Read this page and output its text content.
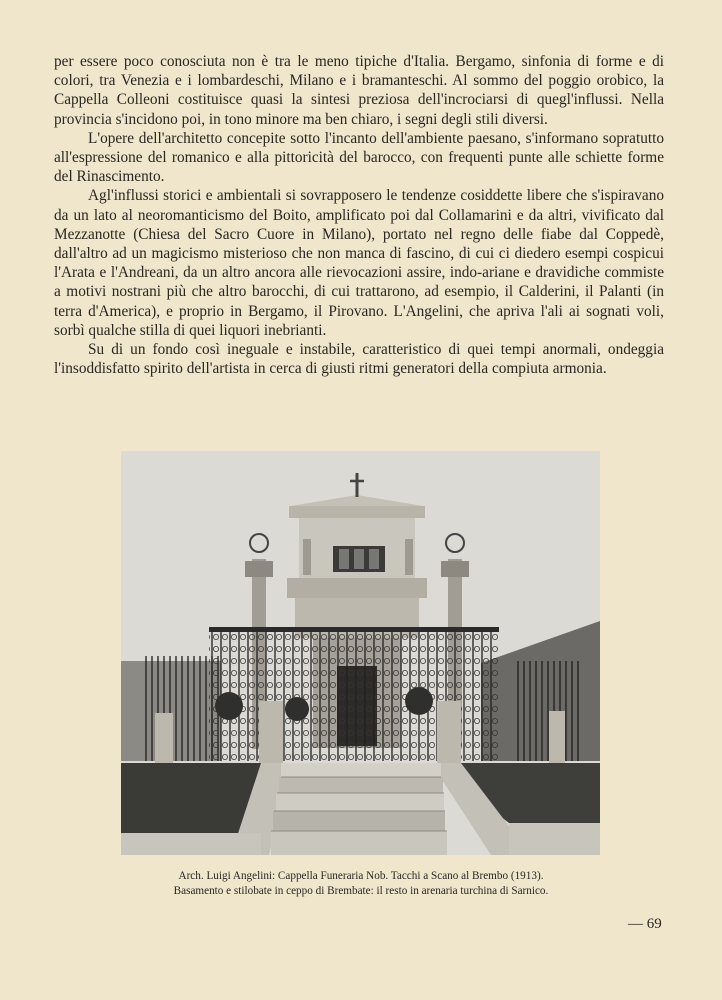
per essere poco conosciuta non è tra le meno tipiche d'Italia. Bergamo, sinfonia di forme e di colori, tra Venezia e i lombardeschi, Milano e i bramanteschi. Al sommo del poggio orobico, la Cappella Colleoni costituisce quasi la sintesi preziosa dell'incrociarsi di quegl'influssi. Nella provincia s'incidono poi, in tono minore ma ben chiaro, i segni degli stili diversi.

L'opere dell'architetto concepite sotto l'incanto dell'ambiente paesano, s'informano sopratutto all'espressione del romanico e alla pittoricità del barocco, con frequenti punte alle schiette forme del Rinascimento.

Agl'influssi storici e ambientali si sovrapposero le tendenze cosiddette libere che s'ispiravano da un lato al neoromanticismo del Boito, amplificato poi dal Collamarini e da altri, vivificato dal Mezzanotte (Chiesa del Sacro Cuore in Milano), portato nel regno delle fiabe dal Coppedè, dall'altro ad un magicismo misterioso che non manca di fascino, di cui ci diedero esempi cospicui l'Arata e l'Andreani, da un altro ancora alle rievocazioni assire, indo-ariane e dravidiche commiste a motivi nostrani più che altro barocchi, di cui trattarono, ad esempio, il Calderini, il Palanti (in terra d'America), e proprio in Bergamo, il Pirovano. L'Angelini, che apriva l'ali ai sognati voli, sorbì qualche stilla di quei liquori inebrianti.

Su di un fondo così ineguale e instabile, caratteristico di quei tempi anormali, ondeggia l'insoddisfatto spirito dell'artista in cerca di giusti ritmi generatori della compiuta armonia.

Arch. Luigi Angelini: Cappella Funeraria Nob. Tacchi a Scano al Brembo (1913).
Basamento e stilobate in ceppo di Brembate: il resto in arenaria turchina di Sarnico.
— 69
